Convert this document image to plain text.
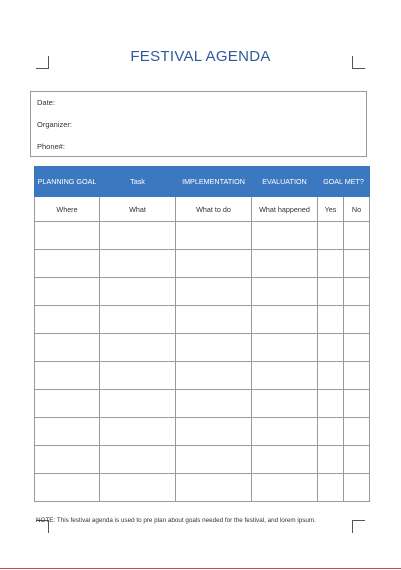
FESTIVAL AGENDA
Date:
Organizer:
Phone#:
PLANNING GOAL	Task	IMPLEMENTATION	EVALUATION	GOAL MET?	
Where	What	What to do	What happened	Yes	No

NOTE: This festival agenda is used to pre plan about goals needed for the festival, and lorem ipsum.
